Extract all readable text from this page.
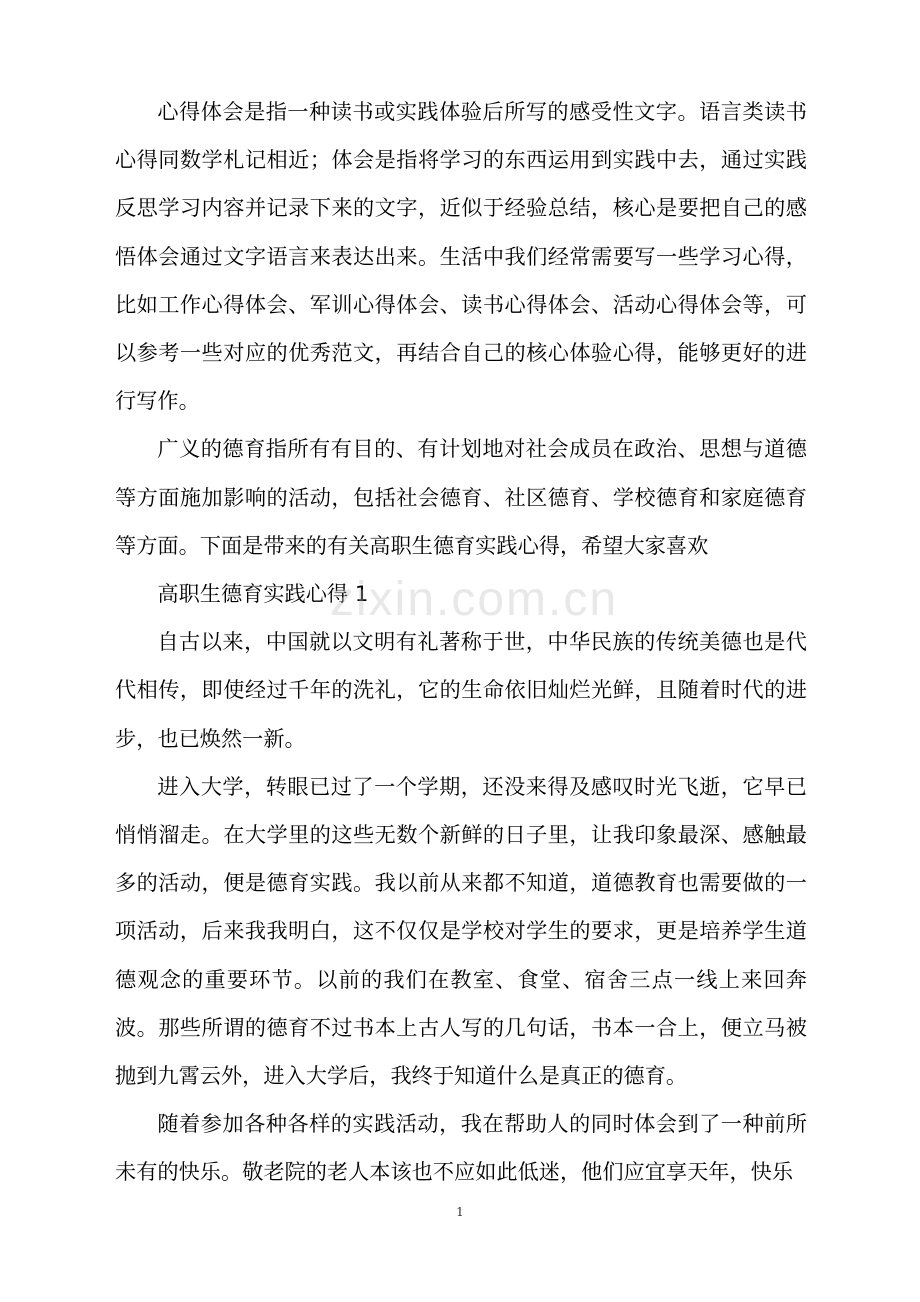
心得体会是指一种读书或实践体验后所写的感受性文字。语言类读书心得同数学札记相近；体会是指将学习的东西运用到实践中去，通过实践反思学习内容并记录下来的文字，近似于经验总结，核心是要把自己的感悟体会通过文字语言来表达出来。生活中我们经常需要写一些学习心得，比如工作心得体会、军训心得体会、读书心得体会、活动心得体会等，可以参考一些对应的优秀范文，再结合自己的核心体验心得，能够更好的进行写作。

广义的德育指所有有目的、有计划地对社会成员在政治、思想与道德等方面施加影响的活动，包括社会德育、社区德育、学校德育和家庭德育等方面。下面是带来的有关高职生德育实践心得，希望大家喜欢

高职生德育实践心得 1

自古以来，中国就以文明有礼著称于世，中华民族的传统美德也是代代相传，即使经过千年的洗礼，它的生命依旧灿烂光鲜，且随着时代的进步，也已焕然一新。

进入大学，转眼已过了一个学期，还没来得及感叹时光飞逝，它早已悄悄溜走。在大学里的这些无数个新鲜的日子里，让我印象最深、感触最多的活动，便是德育实践。我以前从来都不知道，道德教育也需要做的一项活动，后来我我明白，这不仅仅是学校对学生的要求，更是培养学生道德观念的重要环节。以前的我们在教室、食堂、宿舍三点一线上来回奔波。那些所谓的德育不过书本上古人写的几句话，书本一合上，便立马被抛到九霄云外，进入大学后，我终于知道什么是真正的德育。

随着参加各种各样的实践活动，我在帮助人的同时体会到了一种前所未有的快乐。敬老院的老人本该也不应如此低迷，他们应宜享天年，快乐

zixin.com.cn
1
